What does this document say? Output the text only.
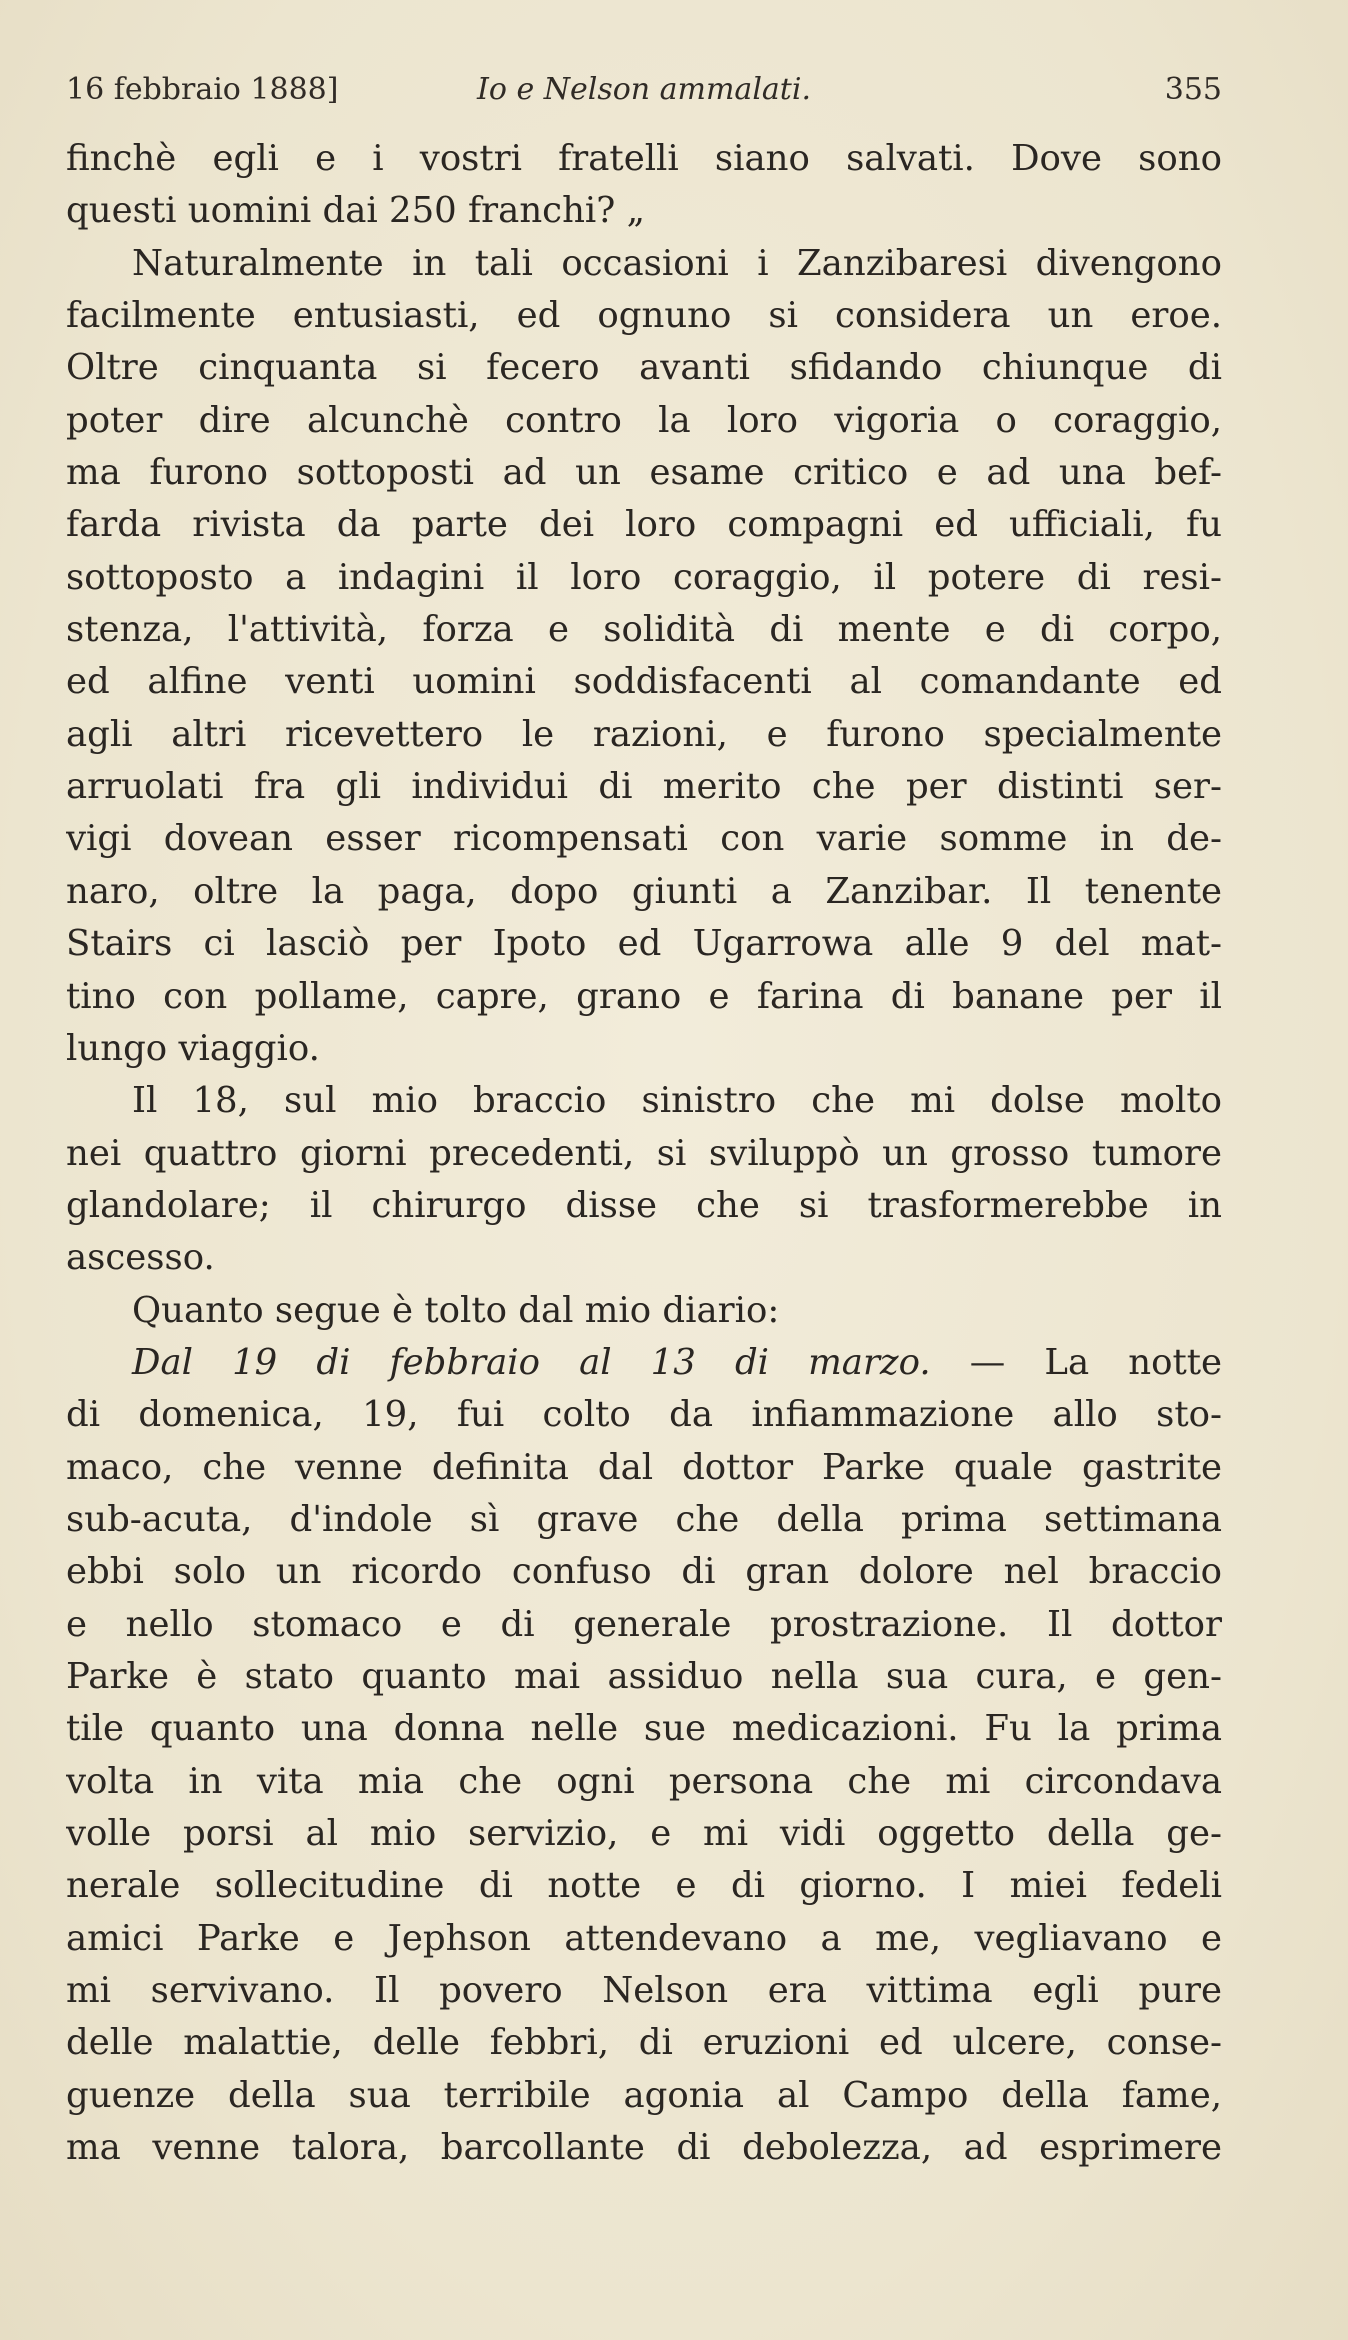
16 febbraio 1888]	Io e Nelson ammalati.	355
finchè egli e i vostri fratelli siano salvati. Dove sono
questi uomini dai 250 franchi? „
Naturalmente in tali occasioni i Zanzibaresi divengono
facilmente entusiasti, ed ognuno si considera un eroe.
Oltre cinquanta si fecero avanti sfidando chiunque di
poter dire alcunchè contro la loro vigoria o coraggio,
ma furono sottoposti ad un esame critico e ad una bef-
farda rivista da parte dei loro compagni ed ufficiali, fu
sottoposto a indagini il loro coraggio, il potere di resi-
stenza, l'attività, forza e solidità di mente e di corpo,
ed alfine venti uomini soddisfacenti al comandante ed
agli altri ricevettero le razioni, e furono specialmente
arruolati fra gli individui di merito che per distinti ser-
vigi dovean esser ricompensati con varie somme in de-
naro, oltre la paga, dopo giunti a Zanzibar. Il tenente
Stairs ci lasciò per Ipoto ed Ugarrowa alle 9 del mat-
tino con pollame, capre, grano e farina di banane per il
lungo viaggio.
Il 18, sul mio braccio sinistro che mi dolse molto
nei quattro giorni precedenti, si sviluppò un grosso tumore
glandolare; il chirurgo disse che si trasformerebbe in
ascesso.
Quanto segue è tolto dal mio diario:
Dal 19 di febbraio al 13 di marzo. — La notte
di domenica, 19, fui colto da infiammazione allo sto-
maco, che venne definita dal dottor Parke quale gastrite
sub-acuta, d'indole sì grave che della prima settimana
ebbi solo un ricordo confuso di gran dolore nel braccio
e nello stomaco e di generale prostrazione. Il dottor
Parke è stato quanto mai assiduo nella sua cura, e gen-
tile quanto una donna nelle sue medicazioni. Fu la prima
volta in vita mia che ogni persona che mi circondava
volle porsi al mio servizio, e mi vidi oggetto della ge-
nerale sollecitudine di notte e di giorno. I miei fedeli
amici Parke e Jephson attendevano a me, vegliavano e
mi servivano. Il povero Nelson era vittima egli pure
delle malattie, delle febbri, di eruzioni ed ulcere, conse-
guenze della sua terribile agonia al Campo della fame,
ma venne talora, barcollante di debolezza, ad esprimere
